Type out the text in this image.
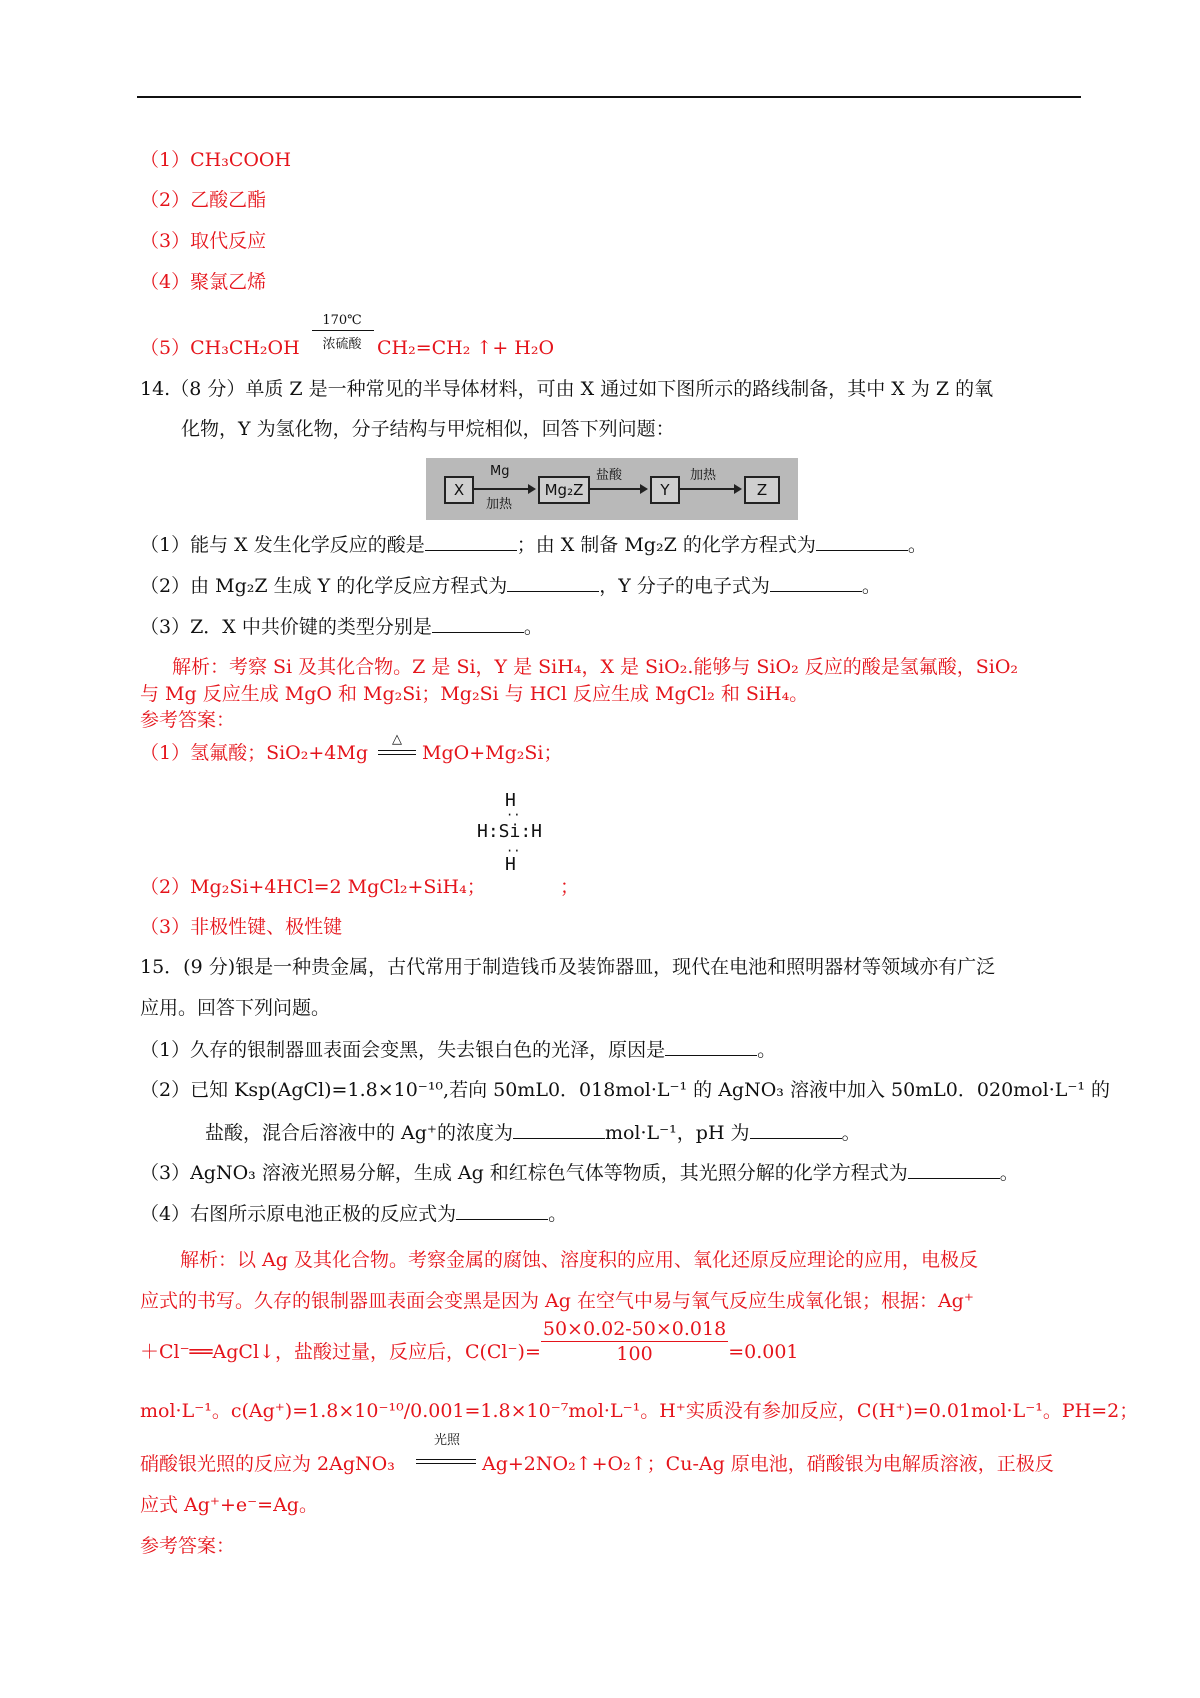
（1）CH₃COOH
（2）乙酸乙酯
（3）取代反应
（4）聚氯乙烯
（5）CH₃CH₂OH
170℃
浓硫酸 CH₂=CH₂ ↑+ H₂O
14.（8 分）单质 Z 是一种常见的半导体材料，可由 X 通过如下图所示的路线制备，其中 X 为 Z 的氧
化物，Y 为氢化物，分子结构与甲烷相似，回答下列问题：
X
Mg
加热
Mg₂Z
盐酸
Y
加热
Z
（1）能与 X 发生化学反应的酸是	；由 X 制备 Mg₂Z 的化学方程式为	。
（2）由 Mg₂Z 生成 Y 的化学反应方程式为	，Y 分子的电子式为	。
（3）Z．X 中共价键的类型分别是	。
解析：考察 Si 及其化合物。Z 是 Si，Y 是 SiH₄，X 是 SiO₂.能够与 SiO₂ 反应的酸是氢氟酸，SiO₂
与 Mg 反应生成 MgO 和 Mg₂Si；Mg₂Si 与 HCl 反应生成 MgCl₂ 和 SiH₄。
参考答案：
（1）氢氟酸；SiO₂+4Mg
△
MgO+Mg₂Si；
H
··
H:Si:H
··
H
（2）Mg₂Si+4HCl=2 MgCl₂+SiH₄；	；
（3）非极性键、极性键
15．(9 分)银是一种贵金属，古代常用于制造钱币及装饰器皿，现代在电池和照明器材等领域亦有广泛
应用。回答下列问题。
（1）久存的银制器皿表面会变黑，失去银白色的光泽，原因是	。
（2）已知 Ksp(AgCl)=1.8×10⁻¹⁰,若向 50mL0．018mol·L⁻¹ 的 AgNO₃ 溶液中加入 50mL0．020mol·L⁻¹ 的
盐酸，混合后溶液中的 Ag⁺的浓度为	mol·L⁻¹，pH 为	。
（3）AgNO₃ 溶液光照易分解，生成 Ag 和红棕色气体等物质，其光照分解的化学方程式为	。
（4）右图所示原电池正极的反应式为	。
解析：以 Ag 及其化合物。考察金属的腐蚀、溶度积的应用、氧化还原反应理论的应用，电极反
应式的书写。久存的银制器皿表面会变黑是因为 Ag 在空气中易与氧气反应生成氧化银；根据：Ag⁺
＋Cl⁻══AgCl↓，盐酸过量，反应后，$C(Cl^-)= \frac{50\times 0.02-50\times 0.018}{100} =0.001$
mol·L⁻¹。c(Ag⁺)=1.8×10⁻¹⁰/0.001=1.8×10⁻⁷mol·L⁻¹。H⁺实质没有参加反应，C(H⁺)=0.01mol·L⁻¹。PH=2；
硝酸银光照的反应为 2AgNO₃
光照
Ag+2NO₂↑+O₂↑；Cu-Ag 原电池，硝酸银为电解质溶液，正极反
应式 Ag⁺+e⁻=Ag。
参考答案：
